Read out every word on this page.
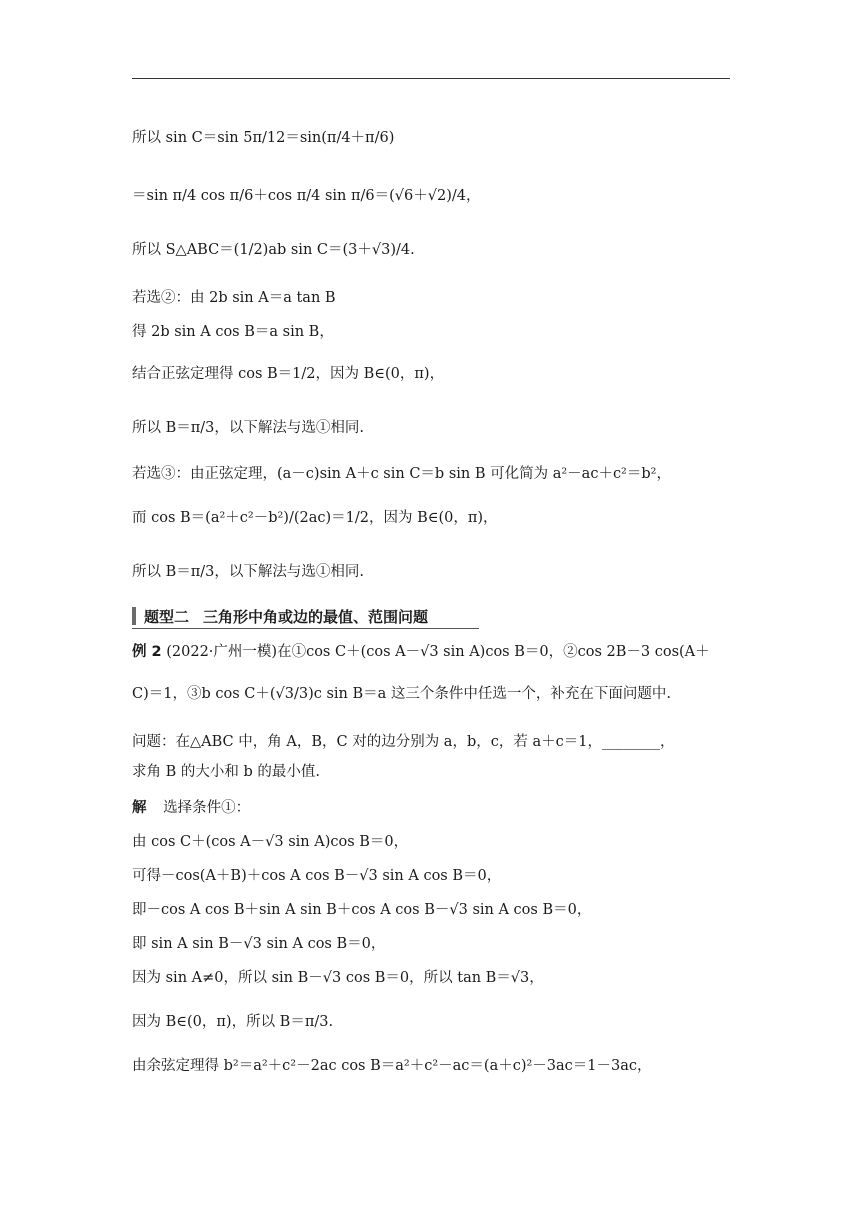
所以 sin C＝sin 5π/12＝sin(π/4＋π/6)
＝sin π/4 cos π/6＋cos π/4 sin π/6＝(√6＋√2)/4，
所以 S△ABC＝(1/2)ab sin C＝(3＋√3)/4.
若选②：由 2b sin A＝a tan B
得 2b sin A cos B＝a sin B，
结合正弦定理得 cos B＝1/2，因为 B∈(0，π)，
所以 B＝π/3，以下解法与选①相同.
若选③：由正弦定理，(a－c)sin A＋c sin C＝b sin B 可化简为 a²－ac＋c²＝b²，
而 cos B＝(a²＋c²－b²)/(2ac)＝1/2，因为 B∈(0，π)，
所以 B＝π/3，以下解法与选①相同.
题型二 三角形中角或边的最值、范围问题
例 2 (2022·广州一模)在①cos C＋(cos A－√3 sin A)cos B＝0，②cos 2B－3 cos(A＋
C)＝1，③b cos C＋(√3/3)c sin B＝a 这三个条件中任选一个，补充在下面问题中.
问题：在△ABC 中，角 A，B，C 对的边分别为 a，b，c，若 a＋c＝1，________，
求角 B 的大小和 b 的最小值.
解 选择条件①：
由 cos C＋(cos A－√3 sin A)cos B＝0，
可得－cos(A＋B)＋cos A cos B－√3 sin A cos B＝0，
即－cos A cos B＋sin A sin B＋cos A cos B－√3 sin A cos B＝0，
即 sin A sin B－√3 sin A cos B＝0，
因为 sin A≠0，所以 sin B－√3 cos B＝0，所以 tan B＝√3，
因为 B∈(0，π)，所以 B＝π/3.
由余弦定理得 b²＝a²＋c²－2ac cos B＝a²＋c²－ac＝(a＋c)²－3ac＝1－3ac，
